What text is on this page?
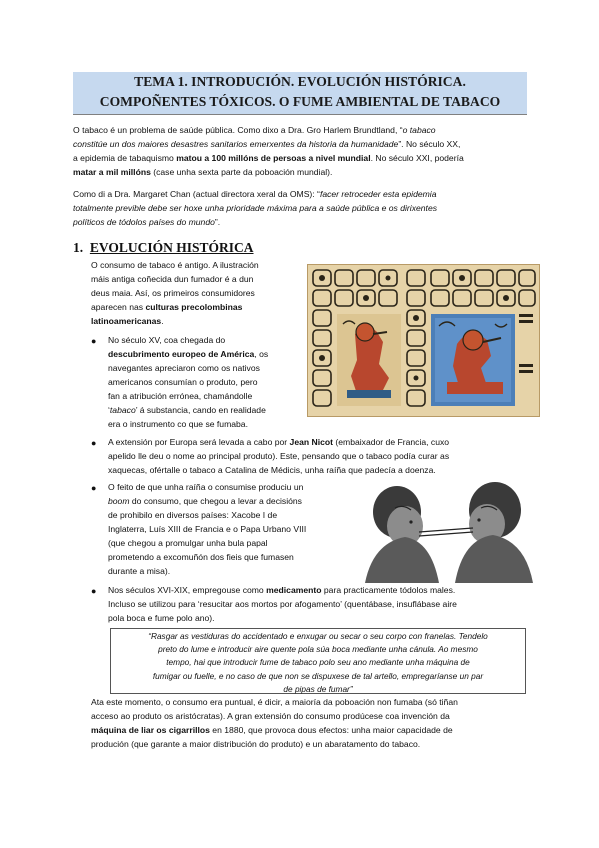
TEMA 1. INTRODUCIÓN. EVOLUCIÓN HISTÓRICA.
COMPOÑENTES TÓXICOS. O FUME AMBIENTAL DE TABACO
O tabaco é un problema de saúde pública. Como dixo a Dra. Gro Harlem Brundtland, “o tabaco
constitúe un dos maiores desastres sanitarios emerxentes da historia da humanidade”. No século XX,
a epidemia de tabaquismo matou a 100 millóns de persoas a nivel mundial. No século XXI, podería
matar a mil millóns (case unha sexta parte da poboación mundial).
Como di a Dra. Margaret Chan (actual directora xeral da OMS): “facer retroceder esta epidemia
totalmente previble debe ser hoxe unha prioridade máxima para a saúde pública e os dirixentes
políticos de tódolos países do mundo”.
1. EVOLUCIÓN HISTÓRICA
O consumo de tabaco é antigo. A ilustración
máis antiga coñecida dun fumador é a dun
deus maia. Así, os primeiros consumidores
aparecen nas culturas precolombinas
latinoamericanas.
● No século XV, coa chegada do
descubrimento europeo de América, os
navegantes apreciaron como os nativos
americanos consumían o produto, pero
fan a atribución errónea, chamándolle
‘tabaco’ á substancia, cando en realidade
era o instrumento co que se fumaba.
● A extensión por Europa será levada a cabo por Jean Nicot (embaixador de Francia, cuxo
apelido lle deu o nome ao principal produto). Este, pensando que o tabaco podía curar as
xaquecas, ofértalle o tabaco a Catalina de Médicis, unha raíña que padecía a doenza.
● O feito de que unha raíña o consumise produciu un
boom do consumo, que chegou a levar a decisións
de prohibilo en diversos países: Xacobe I de
Inglaterra, Luís XIII de Francia e o Papa Urbano VIII
(que chegou a promulgar unha bula papal
prometendo a excomuñón dos fieis que fumasen
durante a misa).
● Nos séculos XVI-XIX, empregouse como medicamento para practicamente tódolos males.
Incluso se utilizou para ‘resucitar aos mortos por afogamento’ (quentábase, insuflábase aire
pola boca e fume polo ano).
“Rasgar as vestiduras do accidentado e enxugar ou secar o seu corpo con franelas. Tendelo
preto do lume e introducir aire quente pola súa boca mediante unha cánula. Ao mesmo
tempo, hai que introducir fume de tabaco polo seu ano mediante unha máquina de
fumigar ou fuelle, e no caso de que non se dispuxese de tal artello, empregaríanse un par
de pipas de fumar”
Ata este momento, o consumo era puntual, é dicir, a maioría da poboación non fumaba (só tiñan
acceso ao produto os aristócratas). A gran extensión do consumo prodúcese coa invención da
máquina de liar os cigarrillos en 1880, que provoca dous efectos: unha maior capacidade de
produción (que garante a maior distribución do produto) e un abaratamento do tabaco.
